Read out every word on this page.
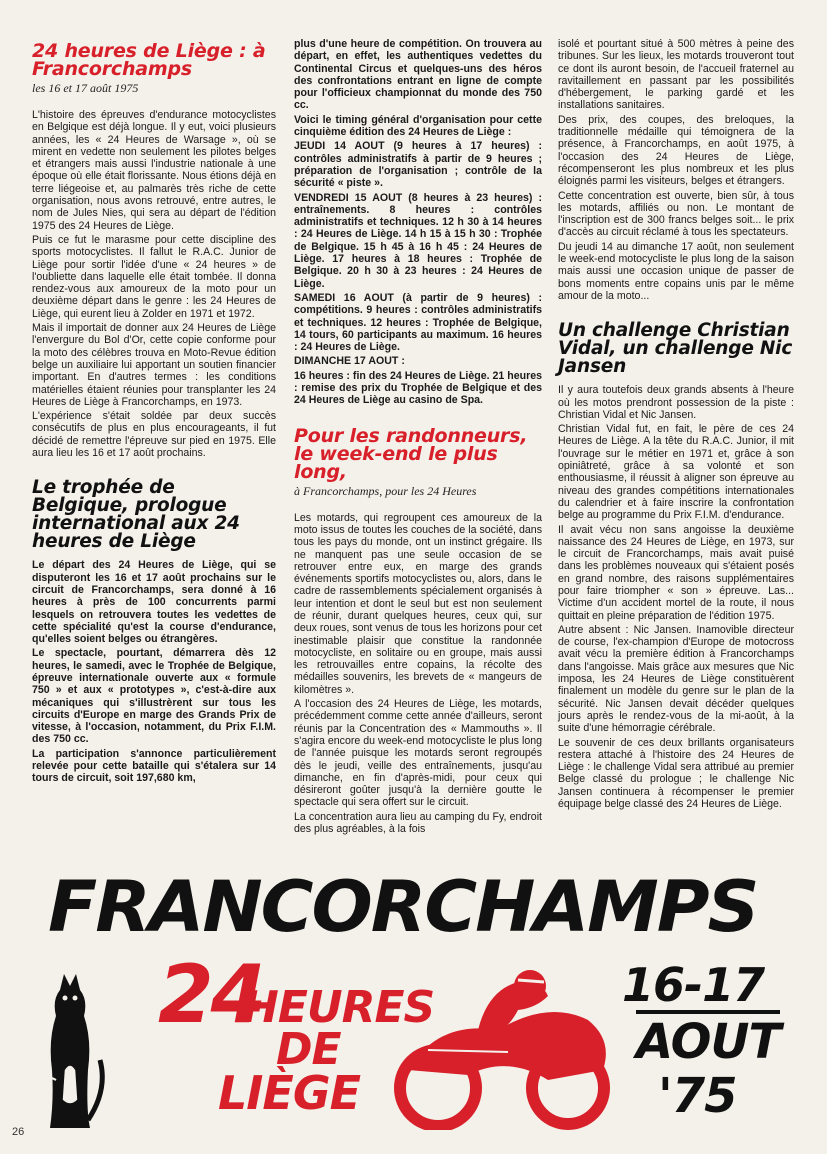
24 heures de Liège : à Francorchamps
les 16 et 17 août 1975

L'histoire des épreuves d'endurance motocyclistes en Belgique est déjà longue. Il y eut, voici plusieurs années, les « 24 Heures de Warsage », où se mirent en vedette non seulement les pilotes belges et étrangers mais aussi l'industrie nationale à une époque où elle était florissante. Nous étions déjà en terre liégeoise et, au palmarès très riche de cette organisation, nous avons retrouvé, entre autres, le nom de Jules Nies, qui sera au départ de l'édition 1975 des 24 Heures de Liège.

Puis ce fut le marasme pour cette discipline des sports motocyclistes. Il fallut le R.A.C. Junior de Liège pour sortir l'idée d'une « 24 heures » de l'oubliette dans laquelle elle était tombée. Il donna rendez-vous aux amoureux de la moto pour un deuxième départ dans le genre : les 24 Heures de Liège, qui eurent lieu à Zolder en 1971 et 1972.

Mais il importait de donner aux 24 Heures de Liège l'envergure du Bol d'Or, cette copie conforme pour la moto des célèbres trouva en Moto-Revue édition belge un auxiliaire lui apportant un soutien financier important. En d'autres termes : les conditions matérielles étaient réunies pour transplanter les 24 Heures de Liège à Francorchamps, en 1973.

L'expérience s'était soldée par deux succès consécutifs de plus en plus encourageants, il fut décidé de remettre l'épreuve sur pied en 1975. Elle aura lieu les 16 et 17 août prochains.

Le trophée de Belgique, prologue international aux 24 heures de Liège

Le départ des 24 Heures de Liège, qui se disputeront les 16 et 17 août prochains sur le circuit de Francorchamps, sera donné à 16 heures à près de 100 concurrents parmi lesquels on retrouvera toutes les vedettes de cette spécialité qu'est la course d'endurance, qu'elles soient belges ou étrangères.

Le spectacle, pourtant, démarrera dès 12 heures, le samedi, avec le Trophée de Belgique, épreuve internationale ouverte aux « formule 750 » et aux « prototypes », c'est-à-dire aux mécaniques qui s'illustrèrent sur tous les circuits d'Europe en marge des Grands Prix de vitesse, à l'occasion, notamment, du Prix F.I.M. des 750 cc.

La participation s'annonce particulièrement relevée pour cette bataille qui s'étalera sur 14 tours de circuit, soit 197,680 km,

plus d'une heure de compétition. On trouvera au départ, en effet, les authentiques vedettes du Continental Circus et quelques-uns des héros des confrontations entrant en ligne de compte pour l'officieux championnat du monde des 750 cc.

Voici le timing général d'organisation pour cette cinquième édition des 24 Heures de Liège :

JEUDI 14 AOUT (9 heures à 17 heures) : contrôles administratifs à partir de 9 heures ; préparation de l'organisation ; contrôle de la sécurité « piste ».

VENDREDI 15 AOUT (8 heures à 23 heures) : entraînements. 8 heures : contrôles administratifs et techniques. 12 h 30 à 14 heures : 24 Heures de Liège. 14 h 15 à 15 h 30 : Trophée de Belgique. 15 h 45 à 16 h 45 : 24 Heures de Liège. 17 heures à 18 heures : Trophée de Belgique. 20 h 30 à 23 heures : 24 Heures de Liège.

SAMEDI 16 AOUT (à partir de 9 heures) : compétitions. 9 heures : contrôles administratifs et techniques. 12 heures : Trophée de Belgique, 14 tours, 60 participants au maximum. 16 heures : 24 Heures de Liège.

DIMANCHE 17 AOUT :

16 heures : fin des 24 Heures de Liège. 21 heures : remise des prix du Trophée de Belgique et des 24 Heures de Liège au casino de Spa.

Pour les randonneurs, le week-end le plus long,
à Francorchamps, pour les 24 Heures

Les motards, qui regroupent ces amoureux de la moto issus de toutes les couches de la société, dans tous les pays du monde, ont un instinct grégaire. Ils ne manquent pas une seule occasion de se retrouver entre eux, en marge des grands événements sportifs motocyclistes ou, alors, dans le cadre de rassemblements spécialement organisés à leur intention et dont le seul but est non seulement de réunir, durant quelques heures, ceux qui, sur deux roues, sont venus de tous les horizons pour cet inestimable plaisir que constitue la randonnée motocycliste, en solitaire ou en groupe, mais aussi les retrouvailles entre copains, la récolte des médailles souvenirs, les brevets de « mangeurs de kilomètres ».

A l'occasion des 24 Heures de Liège, les motards, précédemment comme cette année d'ailleurs, seront réunis par la Concentration des « Mammouths ». Il s'agira encore du week-end motocycliste le plus long de l'année puisque les motards seront regroupés dès le jeudi, veille des entraînements, jusqu'au dimanche, en fin d'après-midi, pour ceux qui désireront goûter jusqu'à la dernière goutte le spectacle qui sera offert sur le circuit.

La concentration aura lieu au camping du Fy, endroit des plus agréables, à la fois

isolé et pourtant situé à 500 mètres à peine des tribunes. Sur les lieux, les motards trouveront tout ce dont ils auront besoin, de l'accueil fraternel au ravitaillement en passant par les possibilités d'hébergement, le parking gardé et les installations sanitaires.

Des prix, des coupes, des breloques, la traditionnelle médaille qui témoignera de la présence, à Francorchamps, en août 1975, à l'occasion des 24 Heures de Liège, récompenseront les plus nombreux et les plus éloignés parmi les visiteurs, belges et étrangers.

Cette concentration est ouverte, bien sûr, à tous les motards, affiliés ou non. Le montant de l'inscription est de 300 francs belges soit... le prix d'accès au circuit réclamé à tous les spectateurs.

Du jeudi 14 au dimanche 17 août, non seulement le week-end motocycliste le plus long de la saison mais aussi une occasion unique de passer de bons moments entre copains unis par le même amour de la moto...

Un challenge Christian Vidal, un challenge Nic Jansen

Il y aura toutefois deux grands absents à l'heure où les motos prendront possession de la piste : Christian Vidal et Nic Jansen.

Christian Vidal fut, en fait, le père de ces 24 Heures de Liège. A la tête du R.A.C. Junior, il mit l'ouvrage sur le métier en 1971 et, grâce à son opiniâtreté, grâce à sa volonté et son enthousiasme, il réussit à aligner son épreuve au niveau des grandes compétitions internationales du calendrier et à faire inscrire la confrontation belge au programme du Prix F.I.M. d'endurance.

Il avait vécu non sans angoisse la deuxième naissance des 24 Heures de Liège, en 1973, sur le circuit de Francorchamps, mais avait puisé dans les problèmes nouveaux qui s'étaient posés en grand nombre, des raisons supplémentaires pour faire triompher « son » épreuve. Las... Victime d'un accident mortel de la route, il nous quittait en pleine préparation de l'édition 1975.

Autre absent : Nic Jansen. Inamovible directeur de course, l'ex-champion d'Europe de motocross avait vécu la première édition à Francorchamps dans l'angoisse. Mais grâce aux mesures que Nic imposa, les 24 Heures de Liège constituèrent finalement un modèle du genre sur le plan de la sécurité. Nic Jansen devait décéder quelques jours après le rendez-vous de la mi-août, à la suite d'une hémorragie cérébrale.

Le souvenir de ces deux brillants organisateurs restera attaché à l'histoire des 24 Heures de Liège : le challenge Vidal sera attribué au premier Belge classé du prologue ; le challenge Nic Jansen continuera à récompenser le premier équipage belge classé des 24 Heures de Liège.

FRANCORCHAMPS
24
HEURES
DE
LIÈGE
16-17
AOUT
'75
26
